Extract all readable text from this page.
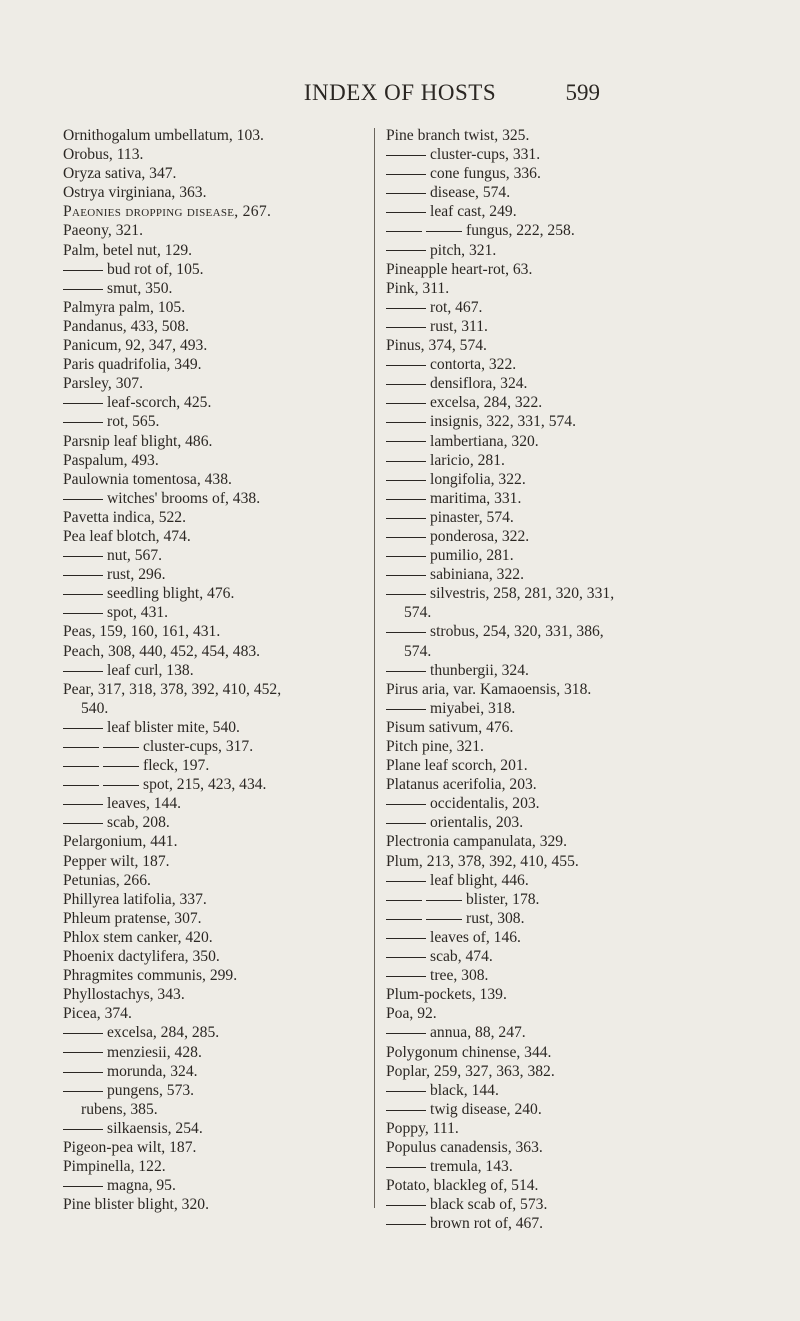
INDEX OF HOSTS	599
Ornithogalum umbellatum, 103.
Orobus, 113.
Oryza sativa, 347.
Ostrya virginiana, 363.
Paeonies dropping disease, 267.
Paeony, 321.
Palm, betel nut, 129.
bud rot of, 105.
smut, 350.
Palmyra palm, 105.
Pandanus, 433, 508.
Panicum, 92, 347, 493.
Paris quadrifolia, 349.
Parsley, 307.
leaf-scorch, 425.
rot, 565.
Parsnip leaf blight, 486.
Paspalum, 493.
Paulownia tomentosa, 438.
witches' brooms of, 438.
Pavetta indica, 522.
Pea leaf blotch, 474.
nut, 567.
rust, 296.
seedling blight, 476.
spot, 431.
Peas, 159, 160, 161, 431.
Peach, 308, 440, 452, 454, 483.
leaf curl, 138.
Pear, 317, 318, 378, 392, 410, 452,
540.
leaf blister mite, 540.
cluster-cups, 317.
fleck, 197.
spot, 215, 423, 434.
leaves, 144.
scab, 208.
Pelargonium, 441.
Pepper wilt, 187.
Petunias, 266.
Phillyrea latifolia, 337.
Phleum pratense, 307.
Phlox stem canker, 420.
Phoenix dactylifera, 350.
Phragmites communis, 299.
Phyllostachys, 343.
Picea, 374.
excelsa, 284, 285.
menziesii, 428.
morunda, 324.
pungens, 573.
rubens, 385.
silkaensis, 254.
Pigeon-pea wilt, 187.
Pimpinella, 122.
magna, 95.
Pine blister blight, 320.
Pine branch twist, 325.
cluster-cups, 331.
cone fungus, 336.
disease, 574.
leaf cast, 249.
fungus, 222, 258.
pitch, 321.
Pineapple heart-rot, 63.
Pink, 311.
rot, 467.
rust, 311.
Pinus, 374, 574.
contorta, 322.
densiflora, 324.
excelsa, 284, 322.
insignis, 322, 331, 574.
lambertiana, 320.
laricio, 281.
longifolia, 322.
maritima, 331.
pinaster, 574.
ponderosa, 322.
pumilio, 281.
sabiniana, 322.
silvestris, 258, 281, 320, 331,
574.
strobus, 254, 320, 331, 386,
574.
thunbergii, 324.
Pirus aria, var. Kamaoensis, 318.
miyabei, 318.
Pisum sativum, 476.
Pitch pine, 321.
Plane leaf scorch, 201.
Platanus acerifolia, 203.
occidentalis, 203.
orientalis, 203.
Plectronia campanulata, 329.
Plum, 213, 378, 392, 410, 455.
leaf blight, 446.
blister, 178.
rust, 308.
leaves of, 146.
scab, 474.
tree, 308.
Plum-pockets, 139.
Poa, 92.
annua, 88, 247.
Polygonum chinense, 344.
Poplar, 259, 327, 363, 382.
black, 144.
twig disease, 240.
Poppy, 111.
Populus canadensis, 363.
tremula, 143.
Potato, blackleg of, 514.
black scab of, 573.
brown rot of, 467.
